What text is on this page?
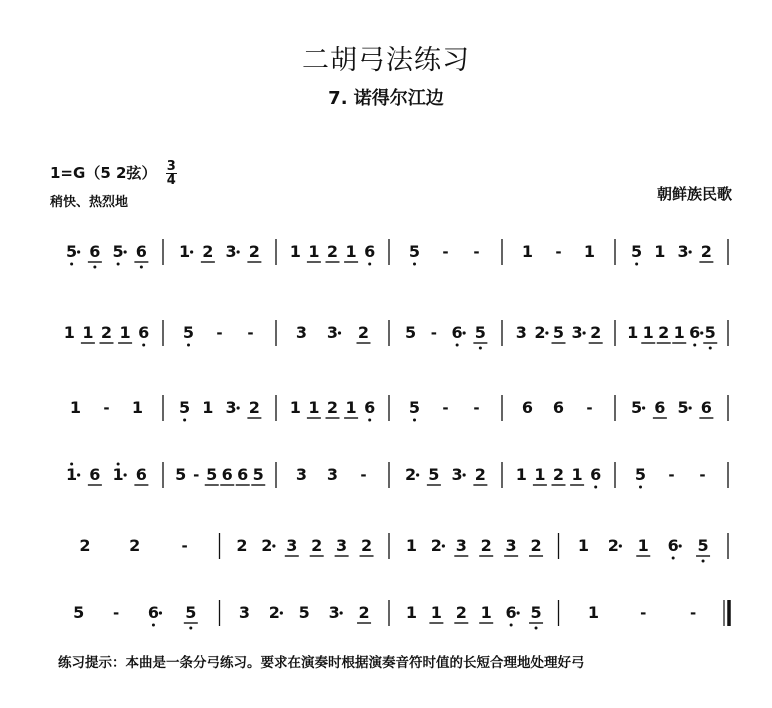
二胡弓法练习
7. 诺得尔江边
1=G（5 2弦） $\frac{3}{4}$
稍快、热烈地	朝鲜族民歌
5 6 5 6 1 2 3 2 1 1 2 1 6 5 - -	1 - 1 5 1 3 2
1 1 2 1 6 5 - -	3 3 2 5 - 6 5 3 2 5 3 2 1 1 2 1 6 5
1 - 1 5 1 3 2 1 1 2 1 6 5 - -	6 6 - 5 6 5 6
1 6 1 6 5 - 5 6 6 5 3 3 - 2 5 3 2 1 1 2 1 6 5 - -
2 2	-	2 2 3 2 3 2 1 2 3 2 3 2 1 2 1 6 5
5 - 6 5	3 2 5 3 2 1 1 2 1 6 5	1	-	-
练习提示：本曲是一条分弓练习。要求在演奏时根据演奏音符时值的长短合理地处理好弓
